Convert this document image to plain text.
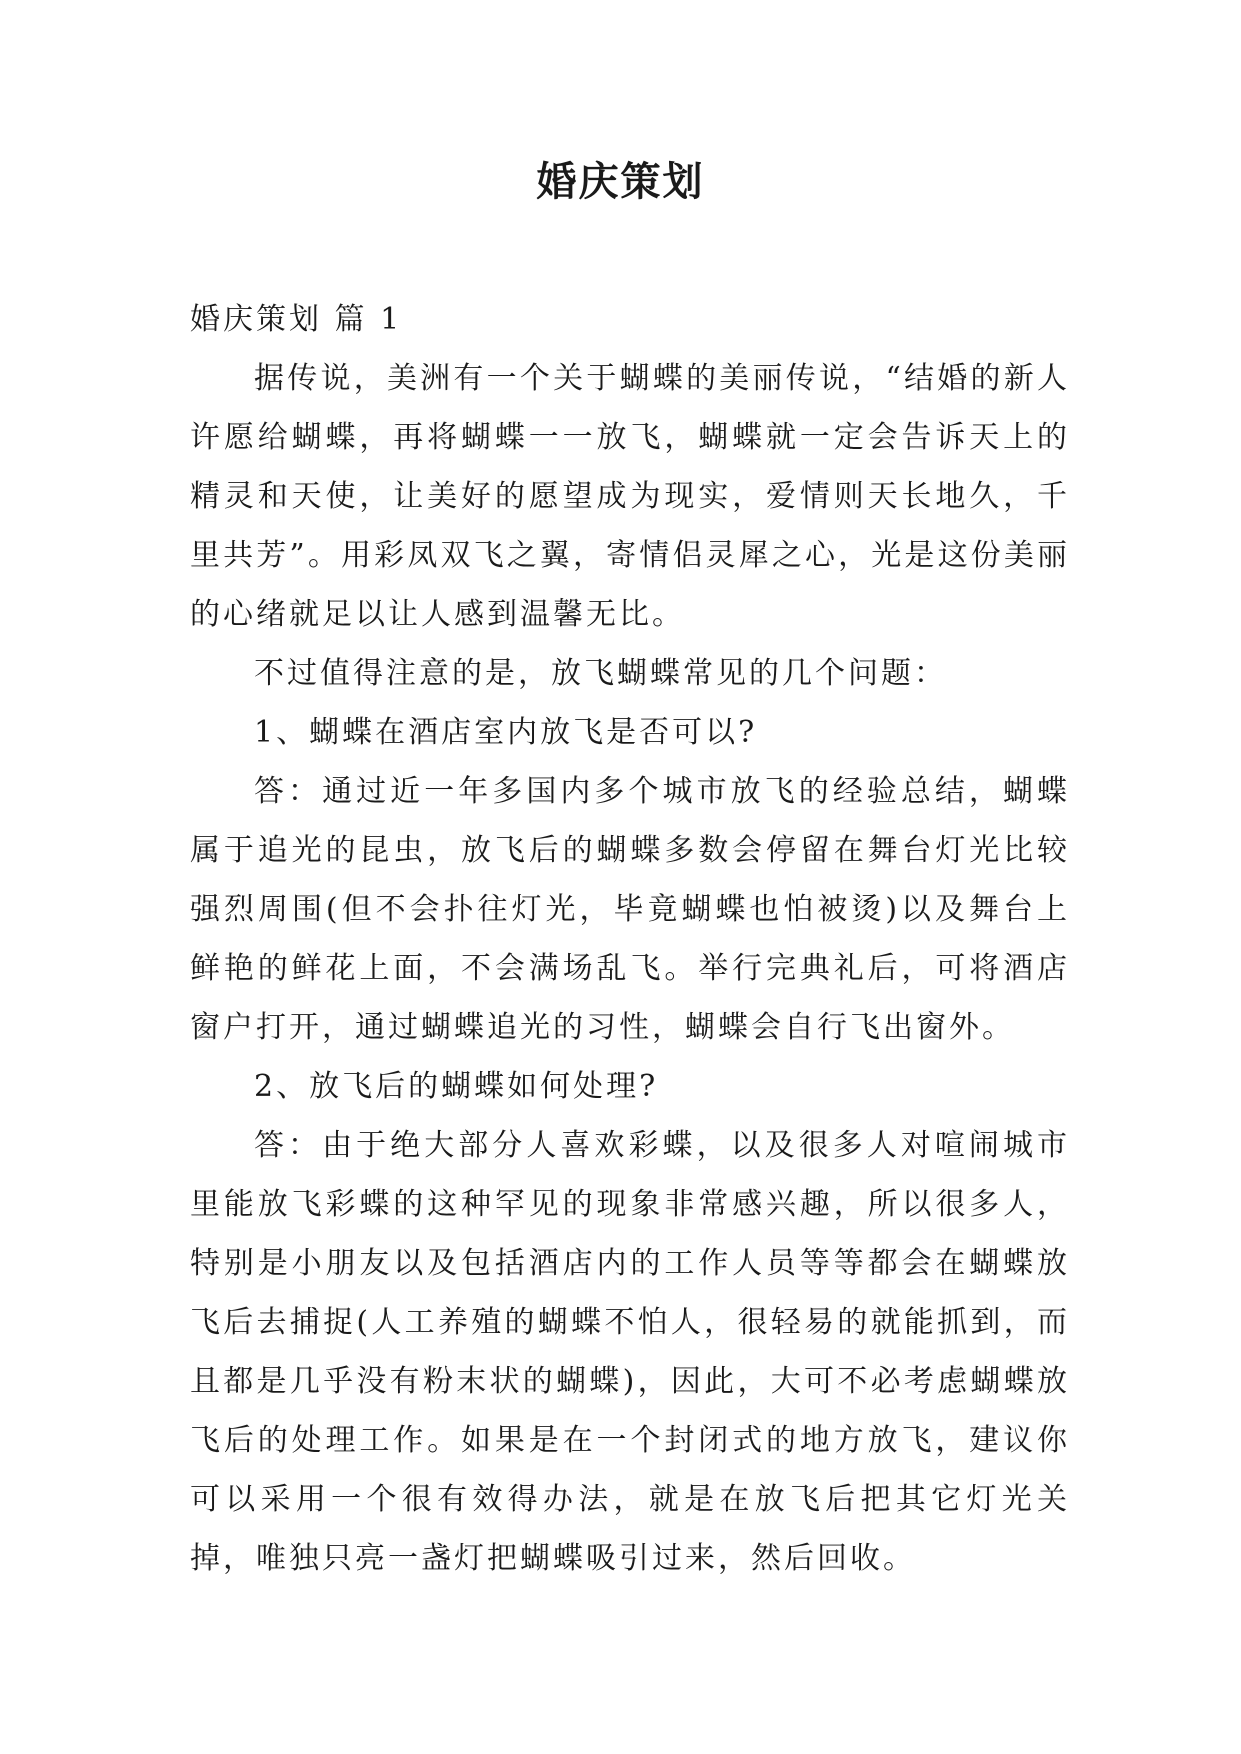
婚庆策划

婚庆策划 篇 1

据传说，美洲有一个关于蝴蝶的美丽传说，“结婚的新人许愿给蝴蝶，再将蝴蝶一一放飞，蝴蝶就一定会告诉天上的精灵和天使，让美好的愿望成为现实，爱情则天长地久，千里共芳”。用彩凤双飞之翼，寄情侣灵犀之心，光是这份美丽的心绪就足以让人感到温馨无比。

不过值得注意的是，放飞蝴蝶常见的几个问题：

1、蝴蝶在酒店室内放飞是否可以?

答：通过近一年多国内多个城市放飞的经验总结，蝴蝶属于追光的昆虫，放飞后的蝴蝶多数会停留在舞台灯光比较强烈周围(但不会扑往灯光，毕竟蝴蝶也怕被烫)以及舞台上鲜艳的鲜花上面，不会满场乱飞。举行完典礼后，可将酒店窗户打开，通过蝴蝶追光的习性，蝴蝶会自行飞出窗外。

2、放飞后的蝴蝶如何处理?

答：由于绝大部分人喜欢彩蝶，以及很多人对喧闹城市里能放飞彩蝶的这种罕见的现象非常感兴趣，所以很多人，特别是小朋友以及包括酒店内的工作人员等等都会在蝴蝶放飞后去捕捉(人工养殖的蝴蝶不怕人，很轻易的就能抓到，而且都是几乎没有粉末状的蝴蝶)，因此，大可不必考虑蝴蝶放飞后的处理工作。如果是在一个封闭式的地方放飞，建议你可以采用一个很有效得办法，就是在放飞后把其它灯光关掉，唯独只亮一盏灯把蝴蝶吸引过来，然后回收。
